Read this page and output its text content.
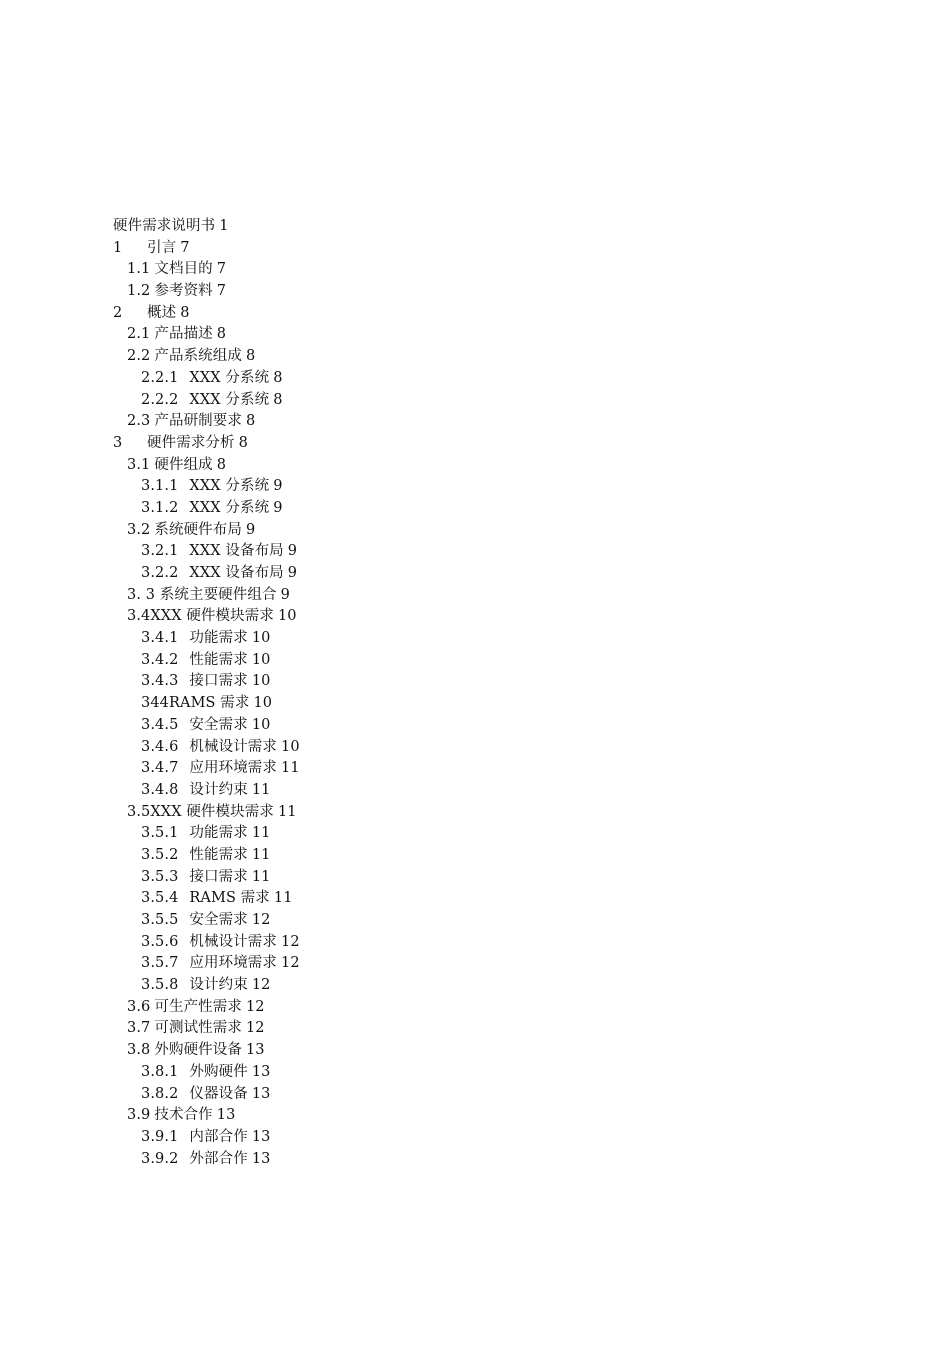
硬件需求说明书 1
1 引言 7
1.1 文档目的 7
1.2 参考资料 7
2 概述 8
2.1 产品描述 8
2.2 产品系统组成 8
2.2.1 XXX 分系统 8
2.2.2 XXX 分系统 8
2.3 产品研制要求 8
3 硬件需求分析 8
3.1 硬件组成 8
3.1.1 XXX 分系统 9
3.1.2 XXX 分系统 9
3.2 系统硬件布局 9
3.2.1 XXX 设备布局 9
3.2.2 XXX 设备布局 9
3. 3 系统主要硬件组合 9
3.4XXX 硬件模块需求 10
3.4.1 功能需求 10
3.4.2 性能需求 10
3.4.3 接口需求 10
344RAMS 需求 10
3.4.5 安全需求 10
3.4.6 机械设计需求 10
3.4.7 应用环境需求 11
3.4.8 设计约束 11
3.5XXX 硬件模块需求 11
3.5.1 功能需求 11
3.5.2 性能需求 11
3.5.3 接口需求 11
3.5.4 RAMS 需求 11
3.5.5 安全需求 12
3.5.6 机械设计需求 12
3.5.7 应用环境需求 12
3.5.8 设计约束 12
3.6 可生产性需求 12
3.7 可测试性需求 12
3.8 外购硬件设备 13
3.8.1 外购硬件 13
3.8.2 仪器设备 13
3.9 技术合作 13
3.9.1 内部合作 13
3.9.2 外部合作 13
